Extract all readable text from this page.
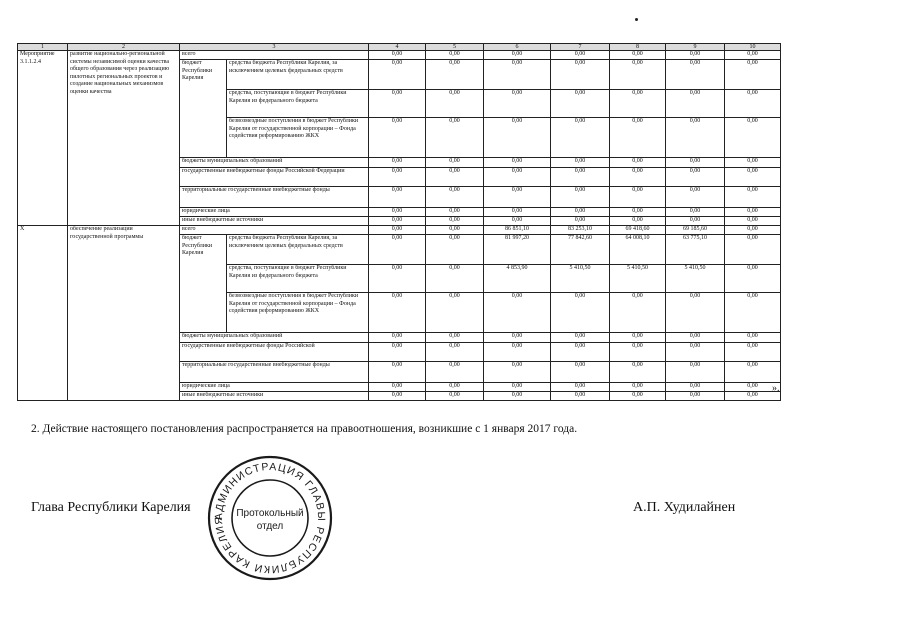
1	2	3		4	5	6	7	8	9	10
Мероприятие 3.1.1.2.4	развитие национально-региональной системы независимой оценки качества общего образования через реализацию пилотных региональных проектов и создание национальных механизмов оценки качества	всего		0,00	0,00	0,00	0,00	0,00	0,00	0,00
		бюджет Республики Карелия	средства бюджета Республики Карелия, за исключением целевых федеральных средств	0,00	0,00	0,00	0,00	0,00	0,00	0,00
			средства, поступающие в бюджет Республики Карелия из федерального бюджета	0,00	0,00	0,00	0,00	0,00	0,00	0,00
			безвозмездные поступления в бюджет Республики Карелия от государственной корпорации – Фонда содействия реформированию ЖКХ	0,00	0,00	0,00	0,00	0,00	0,00	0,00
		бюджеты муниципальных образований		0,00	0,00	0,00	0,00	0,00	0,00	0,00
		государственные внебюджетные фонды Российской Федерации		0,00	0,00	0,00	0,00	0,00	0,00	0,00
		территориальные государственные внебюджетные фонды		0,00	0,00	0,00	0,00	0,00	0,00	0,00
		юридические лица		0,00	0,00	0,00	0,00	0,00	0,00	0,00
		иные внебюджетные источники		0,00	0,00	0,00	0,00	0,00	0,00	0,00
Х	обеспечение реализации государственной программы	всего		0,00	0,00	86 851,10	83 253,10	69 418,60	69 185,60	0,00
		бюджет Республики Карелия	средства бюджета Республики Карелия, за исключением целевых федеральных средств	0,00	0,00	81 997,20	77 842,60	64 008,10	63 775,10	0,00
			средства, поступающие в бюджет Республики Карелия из федерального бюджета	0,00	0,00	4 853,90	5 410,50	5 410,50	5 410,50	0,00
			безвозмездные поступления в бюджет Республики Карелия от государственной корпорации – Фонда содействия реформированию ЖКХ	0,00	0,00	0,00	0,00	0,00	0,00	0,00
		бюджеты муниципальных образований		0,00	0,00	0,00	0,00	0,00	0,00	0,00
		государственные внебюджетные фонды Российской		0,00	0,00	0,00	0,00	0,00	0,00	0,00
		территориальные государственные внебюджетные фонды		0,00	0,00	0,00	0,00	0,00	0,00	0,00
		юридические лица		0,00	0,00	0,00	0,00	0,00	0,00	0,00
		иные внебюджетные источники		0,00	0,00	0,00	0,00	0,00	0,00	0,00
».
2. Действие настоящего постановления распространяется на правоотношения, возникшие с 1 января 2017 года.
Глава Республики Карелия	А.П. Худилайнен
АДМИНИСТРАЦИЯ ГЛАВЫ РЕСПУБЛИКИ КАРЕЛИЯ
Протокольный
отдел
